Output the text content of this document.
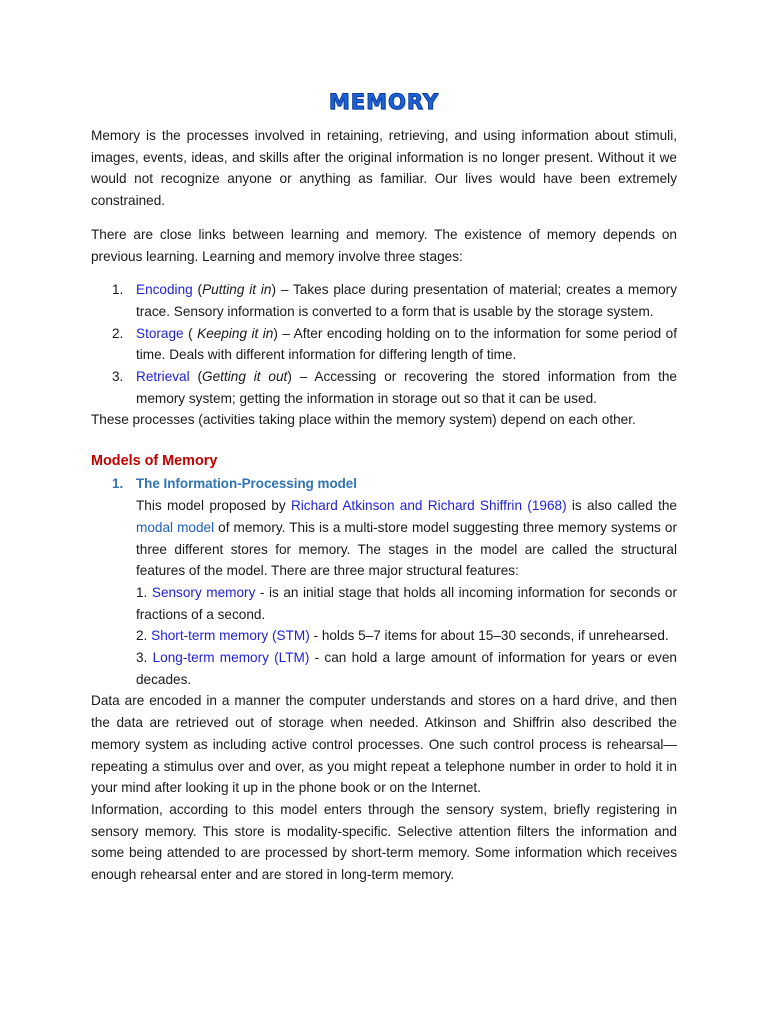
MEMORY

Memory is the processes involved in retaining, retrieving, and using information about stimuli, images, events, ideas, and skills after the original information is no longer present. Without it we would not recognize anyone or anything as familiar. Our lives would have been extremely constrained.

There are close links between learning and memory. The existence of memory depends on previous learning. Learning and memory involve three stages:

1. Encoding (Putting it in) – Takes place during presentation of material; creates a memory trace. Sensory information is converted to a form that is usable by the storage system.
2. Storage ( Keeping it in) – After encoding holding on to the information for some period of time. Deals with different information for differing length of time.
3. Retrieval (Getting it out) – Accessing or recovering the stored information from the memory system; getting the information in storage out so that it can be used.

These processes (activities taking place within the memory system) depend on each other.

Models of Memory
1. The Information-Processing model
This model proposed by Richard Atkinson and Richard Shiffrin (1968) is also called the modal model of memory. This is a multi-store model suggesting three memory systems or three different stores for memory. The stages in the model are called the structural features of the model. There are three major structural features:
1. Sensory memory - is an initial stage that holds all incoming information for seconds or fractions of a second.
2. Short-term memory (STM) - holds 5–7 items for about 15–30 seconds, if unrehearsed.
3. Long-term memory (LTM) - can hold a large amount of information for years or even decades.

Data are encoded in a manner the computer understands and stores on a hard drive, and then the data are retrieved out of storage when needed. Atkinson and Shiffrin also described the memory system as including active control processes. One such control process is rehearsal—repeating a stimulus over and over, as you might repeat a telephone number in order to hold it in your mind after looking it up in the phone book or on the Internet.

Information, according to this model enters through the sensory system, briefly registering in sensory memory. This store is modality-specific. Selective attention filters the information and some being attended to are processed by short-term memory. Some information which receives enough rehearsal enter and are stored in long-term memory.
